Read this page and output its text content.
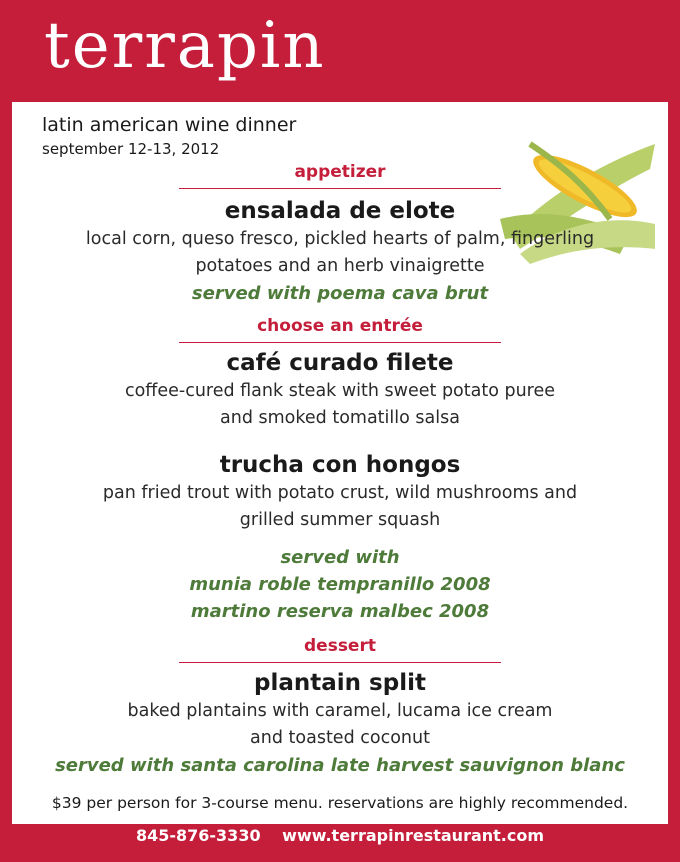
terrapin
latin american wine dinner
september 12-13, 2012
appetizer
ensalada de elote
local corn, queso fresco, pickled hearts of palm, fingerling
potatoes and an herb vinaigrette
served with poema cava brut
choose an entrée
café curado filete
coffee-cured flank steak with sweet potato puree
and smoked tomatillo salsa
trucha con hongos
pan fried trout with potato crust, wild mushrooms and
grilled summer squash
served with
munia roble tempranillo 2008
martino reserva malbec 2008
dessert
plantain split
baked plantains with caramel, lucama ice cream
and toasted coconut
served with santa carolina late harvest sauvignon blanc
$39 per person for 3-course menu. reservations are highly recommended.
845-876-3330 www.terrapinrestaurant.com
